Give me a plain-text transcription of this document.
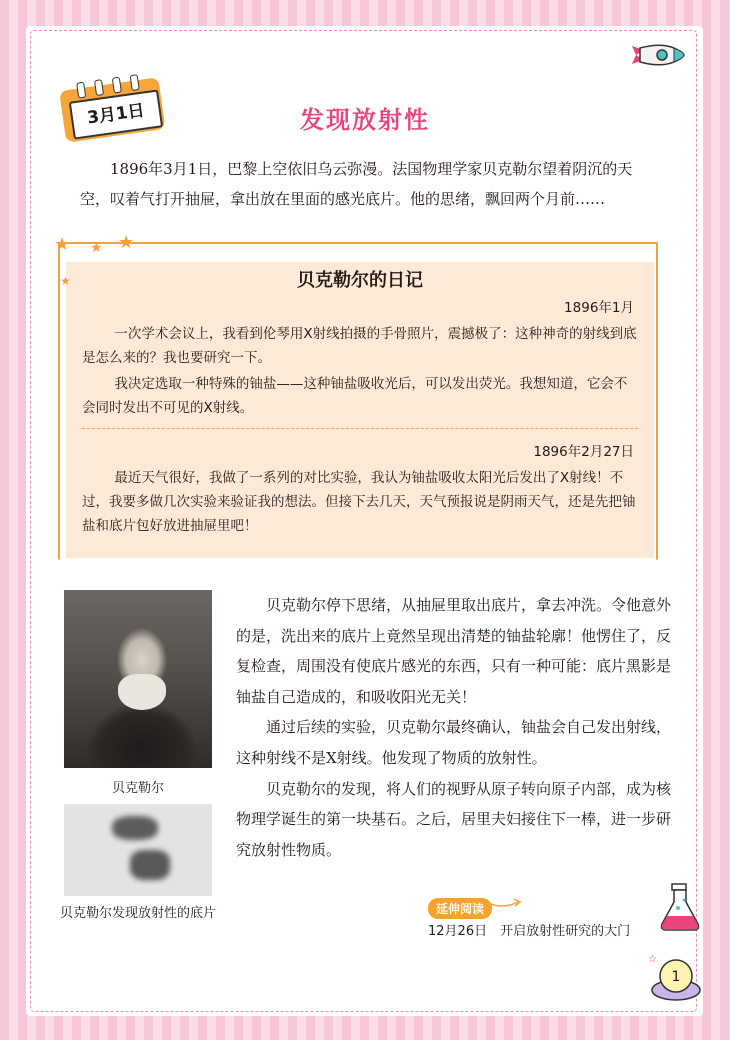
3月1日	发现放射性
1896年3月1日，巴黎上空依旧乌云弥漫。法国物理学家贝克勒尔望着阴沉的天空，叹着气打开抽屉，拿出放在里面的感光底片。他的思绪，飘回两个月前……
★ ★ ★
★	贝克勒尔的日记
1896年1月
一次学术会议上，我看到伦琴用X射线拍摄的手骨照片，震撼极了：这种神奇的射线到底是怎么来的？我也要研究一下。
我决定选取一种特殊的铀盐——这种铀盐吸收光后，可以发出荧光。我想知道，它会不会同时发出不可见的X射线。
1896年2月27日
最近天气很好，我做了一系列的对比实验，我认为铀盐吸收太阳光后发出了X射线！不过，我要多做几次实验来验证我的想法。但接下去几天，天气预报说是阴雨天气，还是先把铀盐和底片包好放进抽屉里吧！
贝克勒尔
贝克勒尔发现放射性的底片

贝克勒尔停下思绪，从抽屉里取出底片，拿去冲洗。令他意外的是，洗出来的底片上竟然呈现出清楚的铀盐轮廓！他愣住了，反复检查，周围没有使底片感光的东西，只有一种可能：底片黑影是铀盐自己造成的，和吸收阳光无关！

通过后续的实验，贝克勒尔最终确认，铀盐会自己发出射线，这种射线不是X射线。他发现了物质的放射性。

贝克勒尔的发现，将人们的视野从原子转向原子内部，成为核物理学诞生的第一块基石。之后，居里夫妇接住下一棒，进一步研究放射性物质。

延伸阅读
12月26日　开启放射性研究的大门
☆
1
